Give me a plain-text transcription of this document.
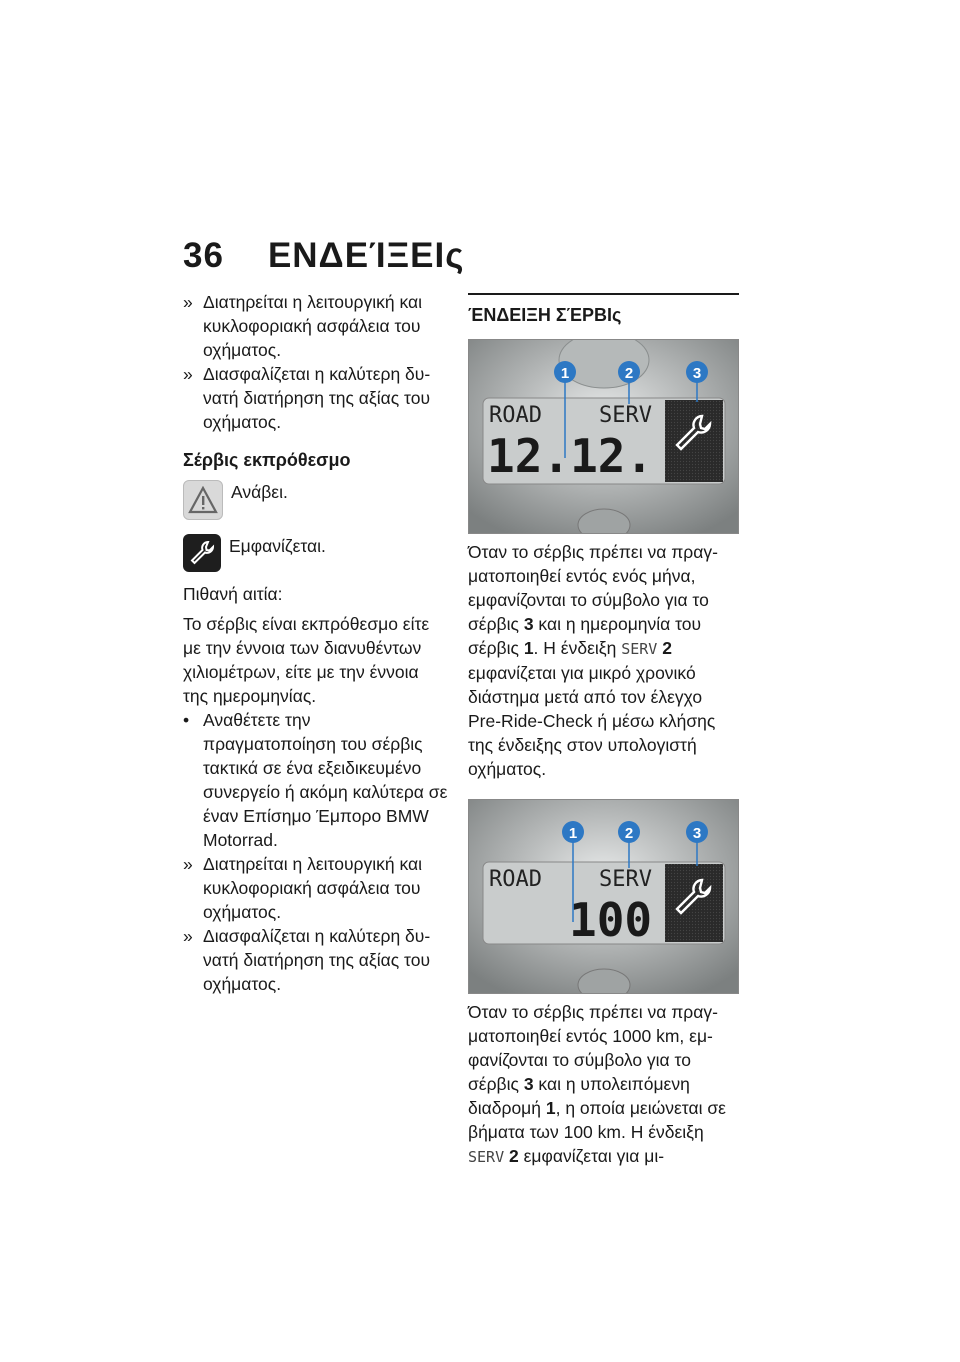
36 ΕΝΔΕΊΞΕΙς
» Διατηρείται η λειτουργική και κυκλοφοριακή ασφάλεια του οχήματος.
» Διασφαλίζεται η καλύτερη δυνατή διατήρηση της αξίας του οχήματος.
Σέρβις εκπρόθεσμο
Ανάβει.
Εμφανίζεται.
Πιθανή αιτία:
Το σέρβις είναι εκπρόθεσμο είτε με την έννοια των διανυθέντων χιλιομέτρων, είτε με την έννοια της ημερομηνίας.
• Αναθέτετε την πραγματοποίηση του σέρβις τακτικά σε ένα εξειδικευμένο συνεργείο ή ακόμη καλύτερα σε έναν Επίσημο Έμπορο BMW Motorrad.
» Διατηρείται η λειτουργική και κυκλοφοριακή ασφάλεια του οχήματος.
» Διασφαλίζεται η καλύτερη δυνατή διατήρηση της αξίας του οχήματος.
ΈΝΔΕΙΞΗ ΣΈΡΒΙς
ROAD	SERV
12.12.
1	2	3
Όταν το σέρβις πρέπει να πραγματοποιηθεί εντός ενός μήνα, εμφανίζονται το σύμβολο για το σέρβις 3 και η ημερομηνία του σέρβις 1. Η ένδειξη SERV 2 εμφανίζεται για μικρό χρονικό διάστημα μετά από τον έλεγχο Pre-Ride-Check ή μέσω κλήσης της ένδειξης στον υπολογιστή οχήματος.
ROAD	SERV
100
1	2	3
Όταν το σέρβις πρέπει να πραγματοποιηθεί εντός 1000 km, εμφανίζονται το σύμβολο για το σέρβις 3 και η υπολειπόμενη διαδρομή 1, η οποία μειώνεται σε βήματα των 100 km. Η ένδειξη SERV 2 εμφανίζεται για μι-
